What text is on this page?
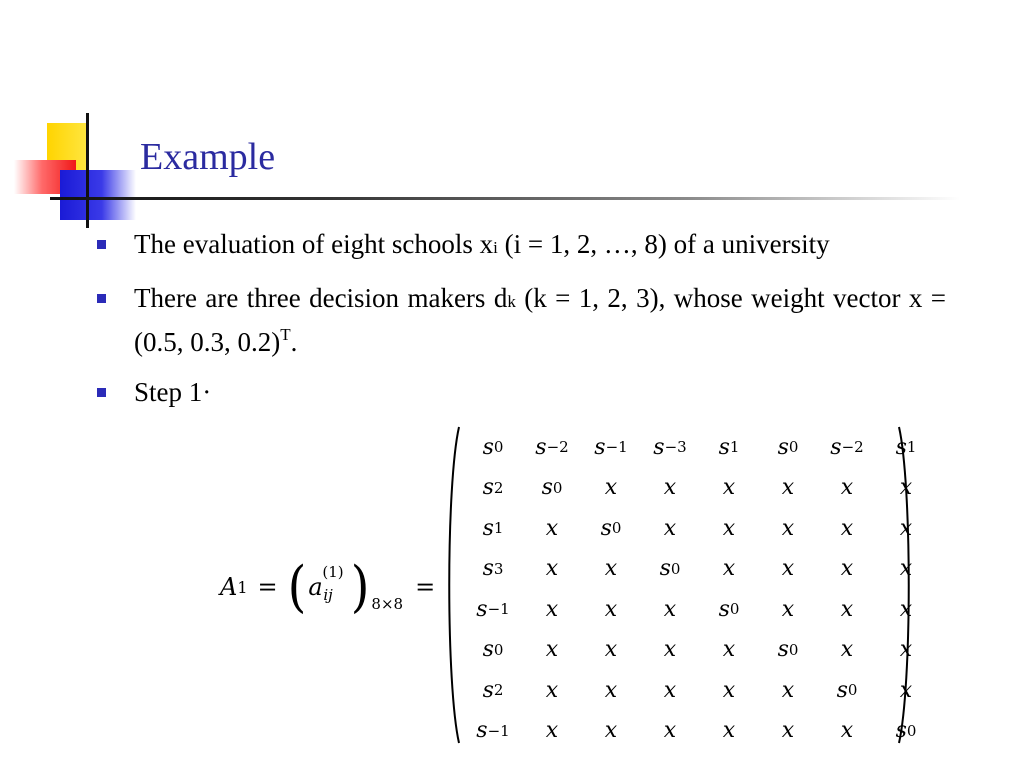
Example
The evaluation of eight schools xi (i = 1, 2, …, 8) of a university
There are three decision makers dk (k = 1, 2, 3), whose weight vector x = (0.5, 0.3, 0.2)$^T$.
Step 1·
A 1 = ( a
(1)
ij ) 8×8
=
s 0 s −2 s −1 s −3 s 1 s 0 s −2 s 1
s 2 s 0 x x x x x x
s 1 x s 0 x x x x x
s 3 x x s 0 x x x x
s −1 x x x s 0 x x x
s 0 x x x x s 0 x x
s 2 x x x x x s 0 x
s −1 x x x x x x s 0
